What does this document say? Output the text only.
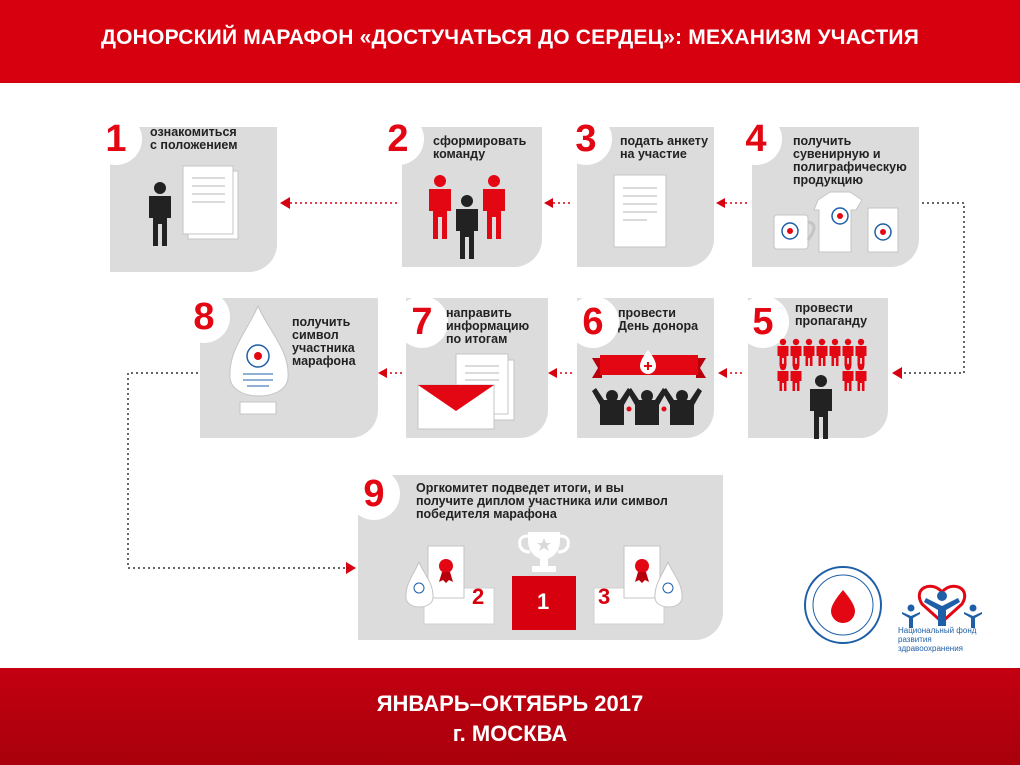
ДОНОРСКИЙ МАРАФОН «ДОСТУЧАТЬСЯ ДО СЕРДЕЦ»: МЕХАНИЗМ УЧАСТИЯ
1	2	3	4
8	7	6	5
9
ознакомиться
с положением	сформировать
команду
подать анкету
на участие
получить
сувенирную и
полиграфическую
продукцию
получить
символ
участника
марафона
направить
информацию
по итогам
провести
День донора
провести
пропаганду
Оргкомитет подведет итоги, и вы
получите диплом участника или символ
победителя марафона
1
2	3
Национальный фонд развития здравоохранения
ЯНВАРЬ–ОКТЯБРЬ 2017
г. МОСКВА
